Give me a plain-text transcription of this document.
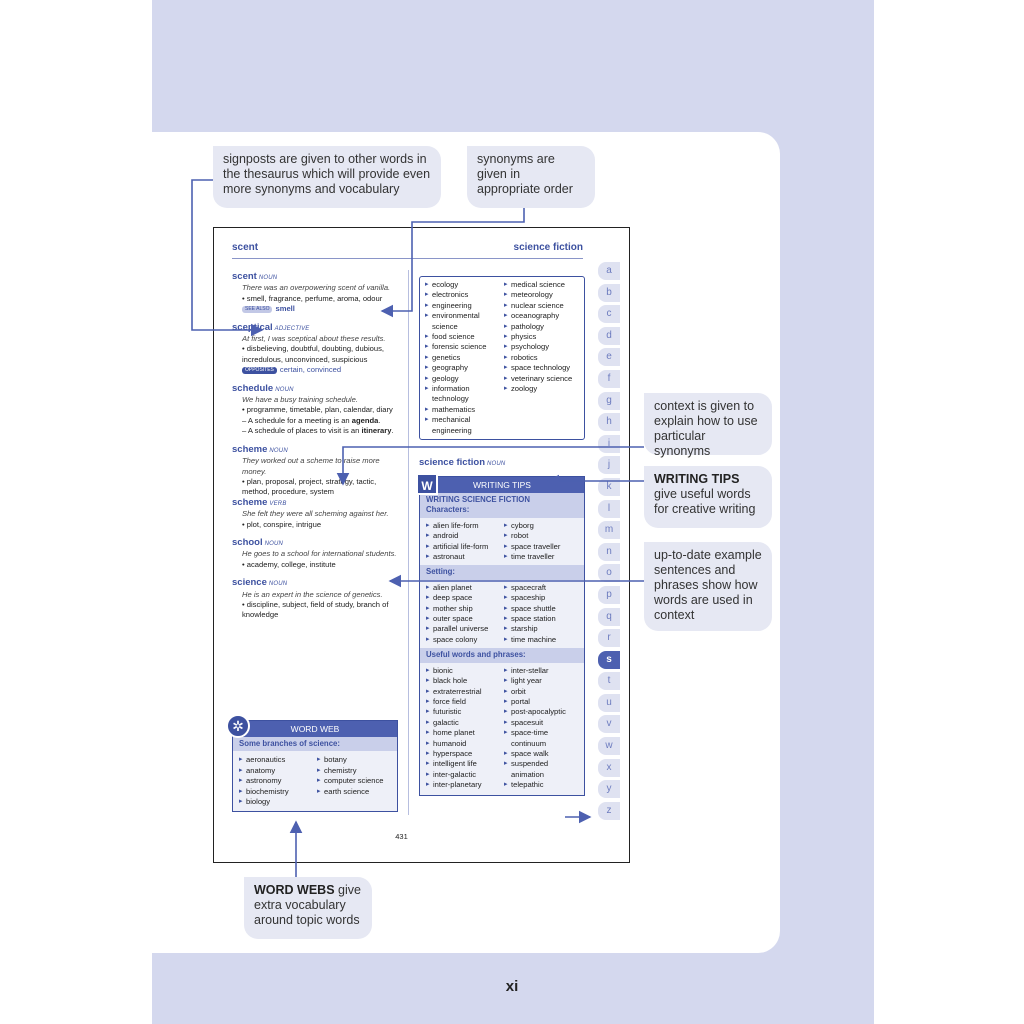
signposts are given to other words in the thesaurus which will provide even more synonyms and vocabulary
synonyms are given in appropriate order
context is given to explain how to use particular synonyms
WRITING TIPS give useful words for creative writing
up-to-date example sentences and phrases show how words are used in context
WORD WEBS give extra vocabulary around topic words
scent	science fiction
scent NOUN
There was an overpowering scent of vanilla.
• smell, fragrance, perfume, aroma, odour
SEE ALSO smell
sceptical ADJECTIVE
At first, I was sceptical about these results.
• disbelieving, doubtful, doubting, dubious, incredulous, unconvinced, suspicious
OPPOSITES certain, convinced
schedule NOUN
We have a busy training schedule.
• programme, timetable, plan, calendar, diary
– A schedule for a meeting is an agenda.
– A schedule of places to visit is an itinerary.
scheme NOUN
They worked out a scheme to raise more money.
• plan, proposal, project, strategy, tactic, method, procedure, system
scheme VERB
She felt they were all scheming against her.
• plot, conspire, intrigue
school NOUN
He goes to a school for international students.
• academy, college, institute
science NOUN
He is an expert in the science of genetics.
• discipline, subject, field of study, branch of knowledge
WORD WEB
Some branches of science:
▸ aeronautics
▸ anatomy
▸ astronomy
▸ biochemistry
▸ biology
▸ botany
▸ chemistry
▸ computer science
▸ earth science
✲
▸ ecology
▸ electronics
▸ engineering
▸ environmental science
▸ food science
▸ forensic science
▸ genetics
▸ geography
▸ geology
▸ information technology
▸ mathematics
▸ mechanical engineering
▸ medical science
▸ meteorology
▸ nuclear science
▸ oceanography
▸ pathology
▸ physics
▸ psychology
▸ robotics
▸ space technology
▸ veterinary science
▸ zoology
science fiction NOUN
WRITING TIPS
WRITING SCIENCE FICTION
Characters:
▸ alien life-form
▸ android
▸ artificial life-form
▸ astronaut
▸ cyborg
▸ robot
▸ space traveller
▸ time traveller
Setting:
▸ alien planet
▸ deep space
▸ mother ship
▸ outer space
▸ parallel universe
▸ space colony
▸ spacecraft
▸ spaceship
▸ space shuttle
▸ space station
▸ starship
▸ time machine
Useful words and phrases:
▸ bionic
▸ black hole
▸ extraterrestrial
▸ force field
▸ futuristic
▸ galactic
▸ home planet
▸ humanoid
▸ hyperspace
▸ intelligent life
▸ inter-galactic
▸ inter-planetary
▸ inter-stellar
▸ light year
▸ orbit
▸ portal
▸ post-apocalyptic
▸ spacesuit
▸ space-time continuum
▸ space walk
▸ suspended animation
▸ telepathic
W
431
a
b
c
d
e
f
g
h
i
j
k
l
m
n
o
p
q
r
s
t
u
v
w
x
y
z
xi
